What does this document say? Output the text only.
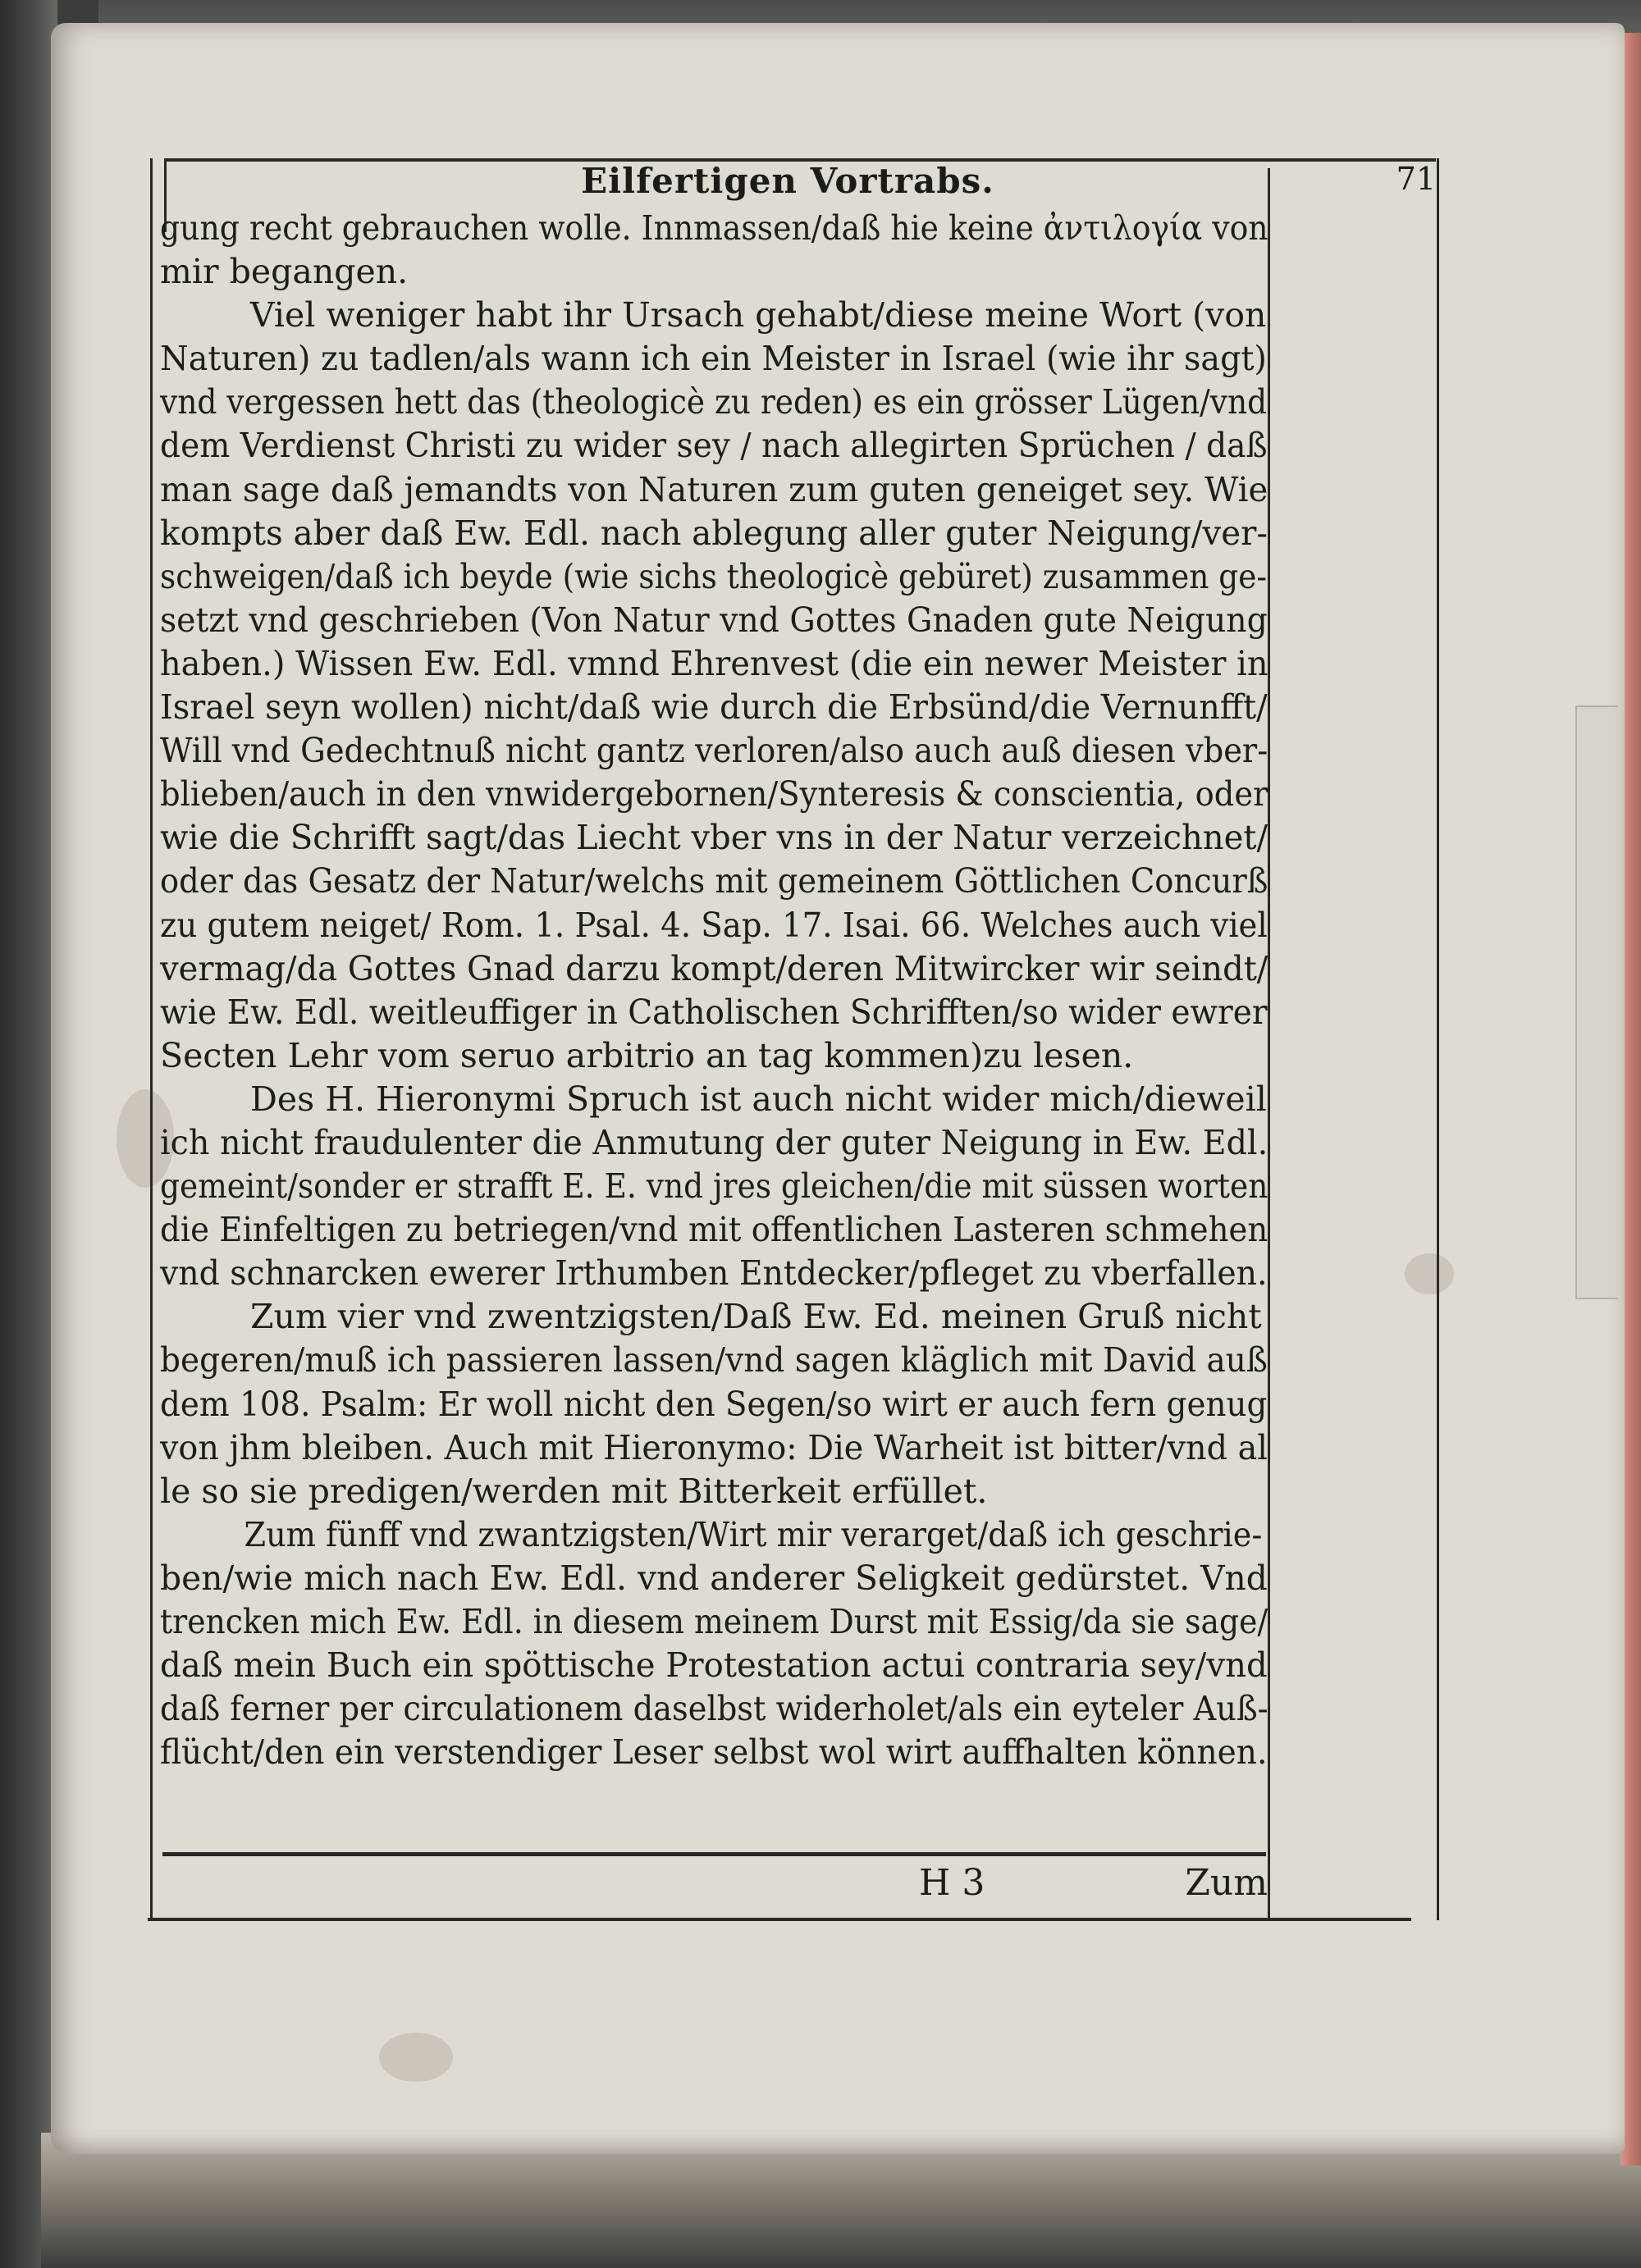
Eilfertigen Vortrabs.	71
gung recht gebrauchen wolle. Innmassen/daß hie keine ἀντιλογία von
mir begangen.
Viel weniger habt ihr Ursach gehabt/diese meine Wort (von
Naturen) zu tadlen/als wann ich ein Meister in Israel (wie ihr sagt)
vnd vergessen hett das (theologicè zu reden) es ein grösser Lügen/vnd
dem Verdienst Christi zu wider sey / nach allegirten Sprüchen / daß
man sage daß jemandts von Naturen zum guten geneiget sey. Wie
kompts aber daß Ew. Edl. nach ablegung aller guter Neigung/ver-
schweigen/daß ich beyde (wie sichs theologicè gebüret) zusammen ge-
setzt vnd geschrieben (Von Natur vnd Gottes Gnaden gute Neigung
haben.) Wissen Ew. Edl. vmnd Ehrenvest (die ein newer Meister in
Israel seyn wollen) nicht/daß wie durch die Erbsünd/die Vernunfft/
Will vnd Gedechtnuß nicht gantz verloren/also auch auß diesen vber-
blieben/auch in den vnwidergebornen/Synteresis & conscientia, oder
wie die Schrifft sagt/das Liecht vber vns in der Natur verzeichnet/
oder das Gesatz der Natur/welchs mit gemeinem Göttlichen Concurß
zu gutem neiget/ Rom. 1. Psal. 4. Sap. 17. Isai. 66. Welches auch viel
vermag/da Gottes Gnad darzu kompt/deren Mitwircker wir seindt/
wie Ew. Edl. weitleuffiger in Catholischen Schrifften/so wider ewrer
Secten Lehr vom seruo arbitrio an tag kommen)zu lesen.
Des H. Hieronymi Spruch ist auch nicht wider mich/dieweil
ich nicht fraudulenter die Anmutung der guter Neigung in Ew. Edl.
gemeint/sonder er strafft E. E. vnd jres gleichen/die mit süssen worten
die Einfeltigen zu betriegen/vnd mit offentlichen Lasteren schmehen
vnd schnarcken ewerer Irthumben Entdecker/pfleget zu vberfallen.
Zum vier vnd zwentzigsten/Daß Ew. Ed. meinen Gruß nicht
begeren/muß ich passieren lassen/vnd sagen kläglich mit David auß
dem 108. Psalm: Er woll nicht den Segen/so wirt er auch fern genug
von jhm bleiben. Auch mit Hieronymo: Die Warheit ist bitter/vnd al
le so sie predigen/werden mit Bitterkeit erfüllet.
Zum fünff vnd zwantzigsten/Wirt mir verarget/daß ich geschrie-
ben/wie mich nach Ew. Edl. vnd anderer Seligkeit gedürstet. Vnd
trencken mich Ew. Edl. in diesem meinem Durst mit Essig/da sie sage/
daß mein Buch ein spöttische Protestation actui contraria sey/vnd
daß ferner per circulationem daselbst widerholet/als ein eyteler Auß-
flücht/den ein verstendiger Leser selbst wol wirt auffhalten können.
H 3	Zum
